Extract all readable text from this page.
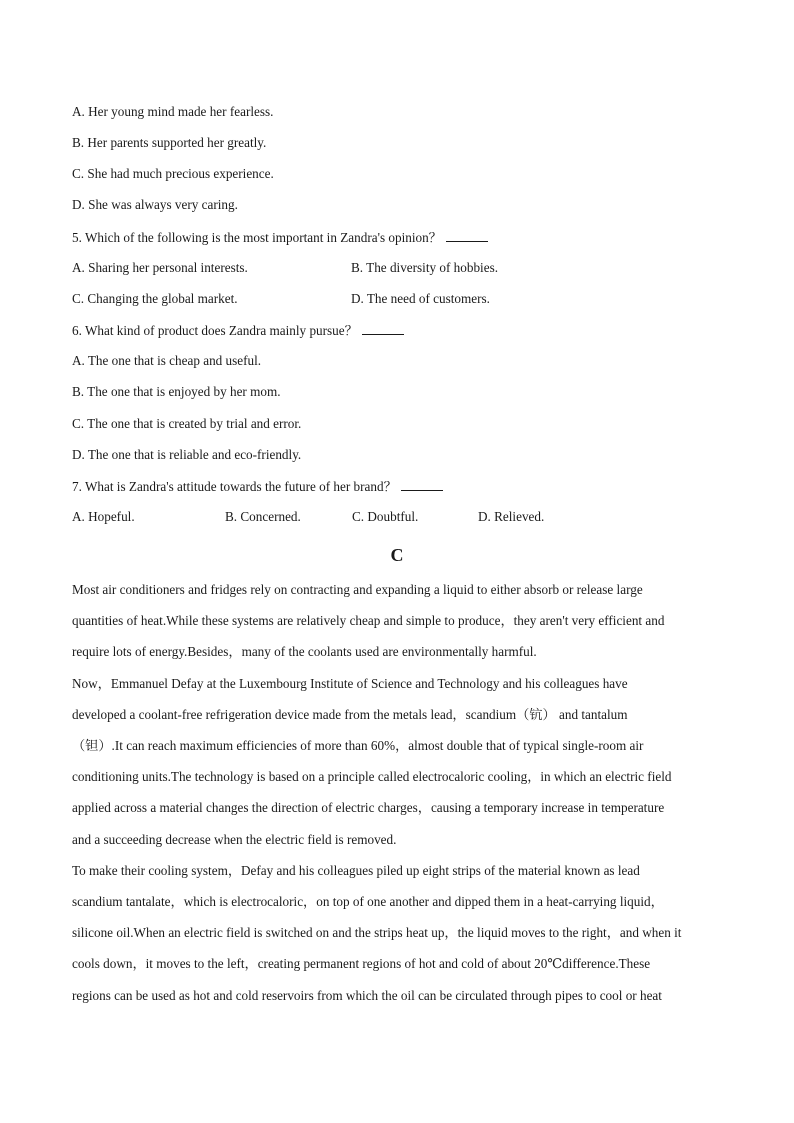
A. Her young mind made her fearless.
B. Her parents supported her greatly.
C. She had much precious experience.
D. She was always very caring.
5. Which of the following is the most important in Zandra's opinion？
A. Sharing her personal interests.	B. The diversity of hobbies.
C. Changing the global market.	D. The need of customers.
6. What kind of product does Zandra mainly pursue？
A. The one that is cheap and useful.
B. The one that is enjoyed by her mom.
C. The one that is created by trial and error.
D. The one that is reliable and eco-friendly.
7. What is Zandra's attitude towards the future of her brand？
A. Hopeful.	B. Concerned.	C. Doubtful.	D. Relieved.
C
Most air conditioners and fridges rely on contracting and expanding a liquid to either absorb or release large
quantities of heat.While these systems are relatively cheap and simple to produce，they aren't very efficient and
require lots of energy.Besides，many of the coolants used are environmentally harmful.
Now，Emmanuel Defay at the Luxembourg Institute of Science and Technology and his colleagues have
developed a coolant-free refrigeration device made from the metals lead，scandium（钪） and tantalum
（钽）.It can reach maximum efficiencies of more than 60%，almost double that of typical single-room air
conditioning units.The technology is based on a principle called electrocaloric cooling，in which an electric field
applied across a material changes the direction of electric charges，causing a temporary increase in temperature
and a succeeding decrease when the electric field is removed.
To make their cooling system，Defay and his colleagues piled up eight strips of the material known as lead
scandium tantalate，which is electrocaloric，on top of one another and dipped them in a heat-carrying liquid，
silicone oil.When an electric field is switched on and the strips heat up，the liquid moves to the right，and when it
cools down，it moves to the left，creating permanent regions of hot and cold of about 20℃difference.These
regions can be used as hot and cold reservoirs from which the oil can be circulated through pipes to cool or heat
